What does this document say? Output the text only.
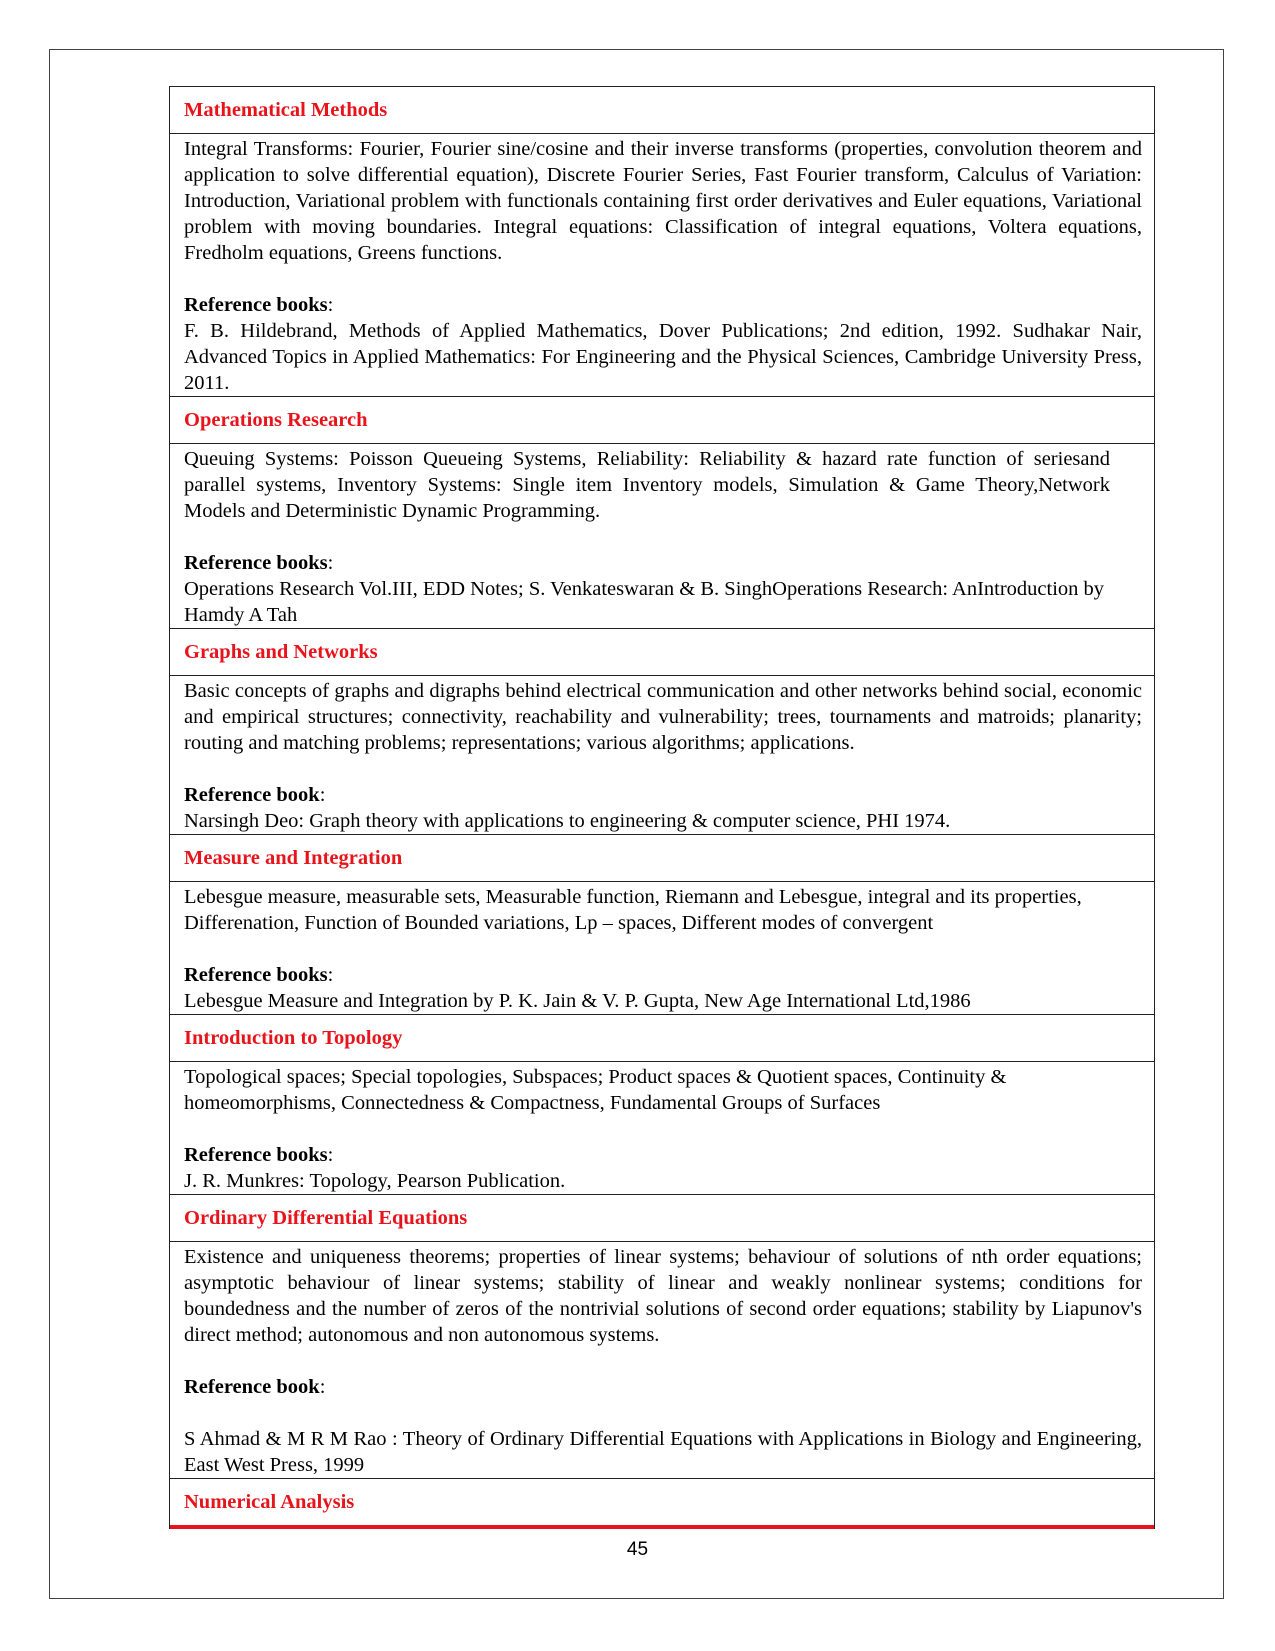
Mathematical Methods
Integral Transforms: Fourier, Fourier sine/cosine and their inverse transforms (properties, convolution theorem and application to solve differential equation), Discrete Fourier Series, Fast Fourier transform, Calculus of Variation: Introduction, Variational problem with functionals containing first order derivatives and Euler equations, Variational problem with moving boundaries. Integral equations: Classification of integral equations, Voltera equations, Fredholm equations, Greens functions.
Reference books:
F. B. Hildebrand, Methods of Applied Mathematics, Dover Publications; 2nd edition, 1992. Sudhakar Nair, Advanced Topics in Applied Mathematics: For Engineering and the Physical Sciences, Cambridge University Press, 2011.
Operations Research
Queuing Systems: Poisson Queueing Systems, Reliability: Reliability & hazard rate function of seriesand parallel systems, Inventory Systems: Single item Inventory models, Simulation & Game Theory,Network Models and Deterministic Dynamic Programming.
Reference books:
Operations Research Vol.III, EDD Notes; S. Venkateswaran & B. SinghOperations Research: AnIntroduction by Hamdy A Tah
Graphs and Networks
Basic concepts of graphs and digraphs behind electrical communication and other networks behind social, economic and empirical structures; connectivity, reachability and vulnerability; trees, tournaments and matroids; planarity; routing and matching problems; representations; various algorithms; applications.
Reference book:
Narsingh Deo: Graph theory with applications to engineering & computer science, PHI 1974.
Measure and Integration
Lebesgue measure, measurable sets, Measurable function, Riemann and Lebesgue, integral and its properties, Differenation, Function of Bounded variations, Lp – spaces, Different modes of convergent
Reference books:
Lebesgue Measure and Integration by P. K. Jain & V. P. Gupta, New Age International Ltd,1986
Introduction to Topology
Topological spaces; Special topologies, Subspaces; Product spaces & Quotient spaces, Continuity & homeomorphisms, Connectedness & Compactness, Fundamental Groups of Surfaces
Reference books:
J. R. Munkres: Topology, Pearson Publication.
Ordinary Differential Equations
Existence and uniqueness theorems; properties of linear systems; behaviour of solutions of nth order equations; asymptotic behaviour of linear systems; stability of linear and weakly nonlinear systems; conditions for boundedness and the number of zeros of the nontrivial solutions of second order equations; stability by Liapunov's direct method; autonomous and non autonomous systems.
Reference book:
S Ahmad & M R M Rao : Theory of Ordinary Differential Equations with Applications in Biology and Engineering, East West Press, 1999
Numerical Analysis
45
